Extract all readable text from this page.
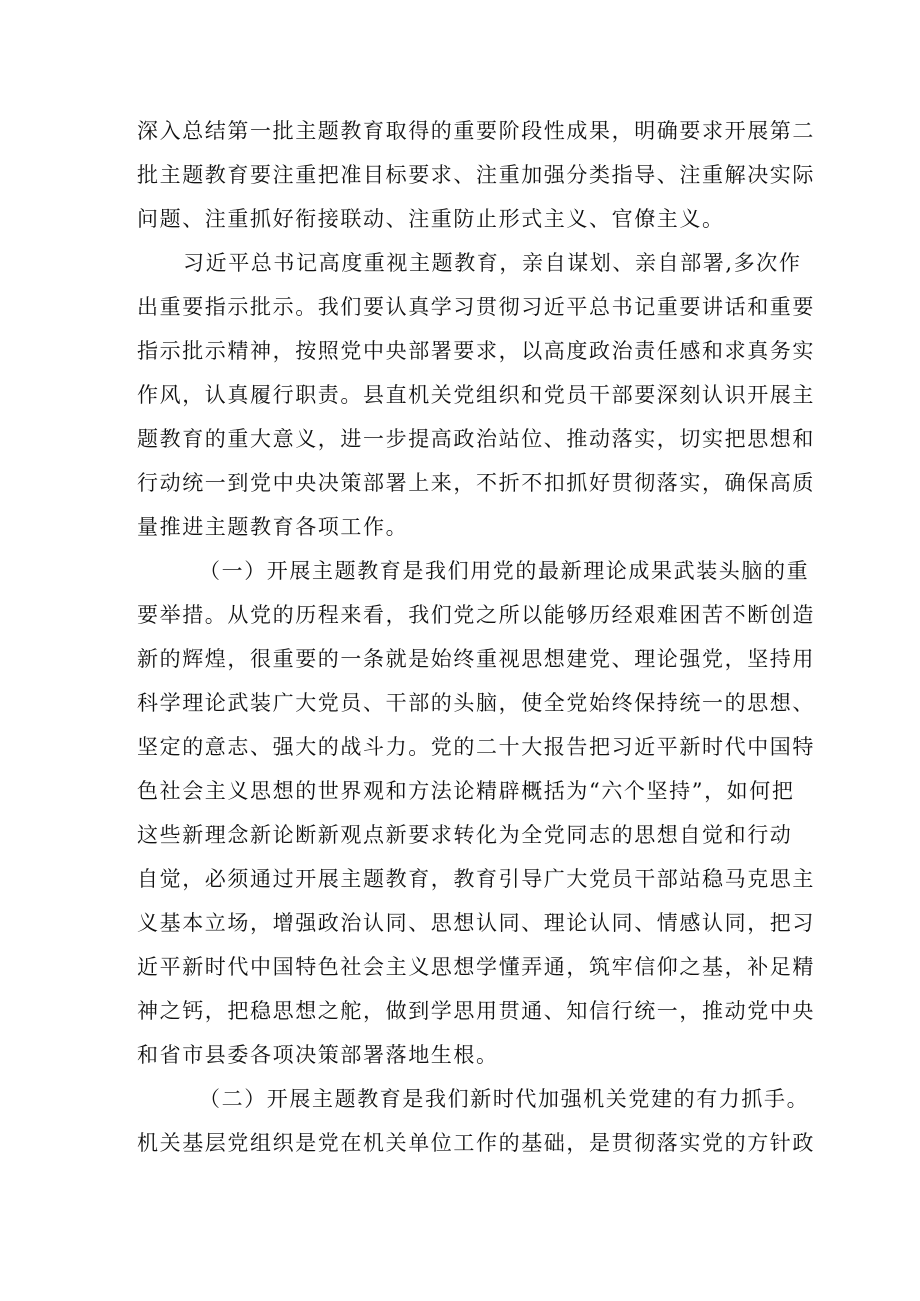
深入总结第一批主题教育取得的重要阶段性成果，明确要求开展第二
批主题教育要注重把准目标要求、注重加强分类指导、注重解决实际
问题、注重抓好衔接联动、注重防止形式主义、官僚主义。
习近平总书记高度重视主题教育，亲自谋划、亲自部署,多次作
出重要指示批示。我们要认真学习贯彻习近平总书记重要讲话和重要
指示批示精神，按照党中央部署要求，以高度政治责任感和求真务实
作风，认真履行职责。县直机关党组织和党员干部要深刻认识开展主
题教育的重大意义，进一步提高政治站位、推动落实，切实把思想和
行动统一到党中央决策部署上来，不折不扣抓好贯彻落实，确保高质
量推进主题教育各项工作。
（一）开展主题教育是我们用党的最新理论成果武装头脑的重
要举措。从党的历程来看，我们党之所以能够历经艰难困苦不断创造
新的辉煌，很重要的一条就是始终重视思想建党、理论强党，坚持用
科学理论武装广大党员、干部的头脑，使全党始终保持统一的思想、
坚定的意志、强大的战斗力。党的二十大报告把习近平新时代中国特
色社会主义思想的世界观和方法论精辟概括为“六个坚持”，如何把
这些新理念新论断新观点新要求转化为全党同志的思想自觉和行动
自觉，必须通过开展主题教育，教育引导广大党员干部站稳马克思主
义基本立场，增强政治认同、思想认同、理论认同、情感认同，把习
近平新时代中国特色社会主义思想学懂弄通，筑牢信仰之基，补足精
神之钙，把稳思想之舵，做到学思用贯通、知信行统一，推动党中央
和省市县委各项决策部署落地生根。
（二）开展主题教育是我们新时代加强机关党建的有力抓手。
机关基层党组织是党在机关单位工作的基础，是贯彻落实党的方针政
